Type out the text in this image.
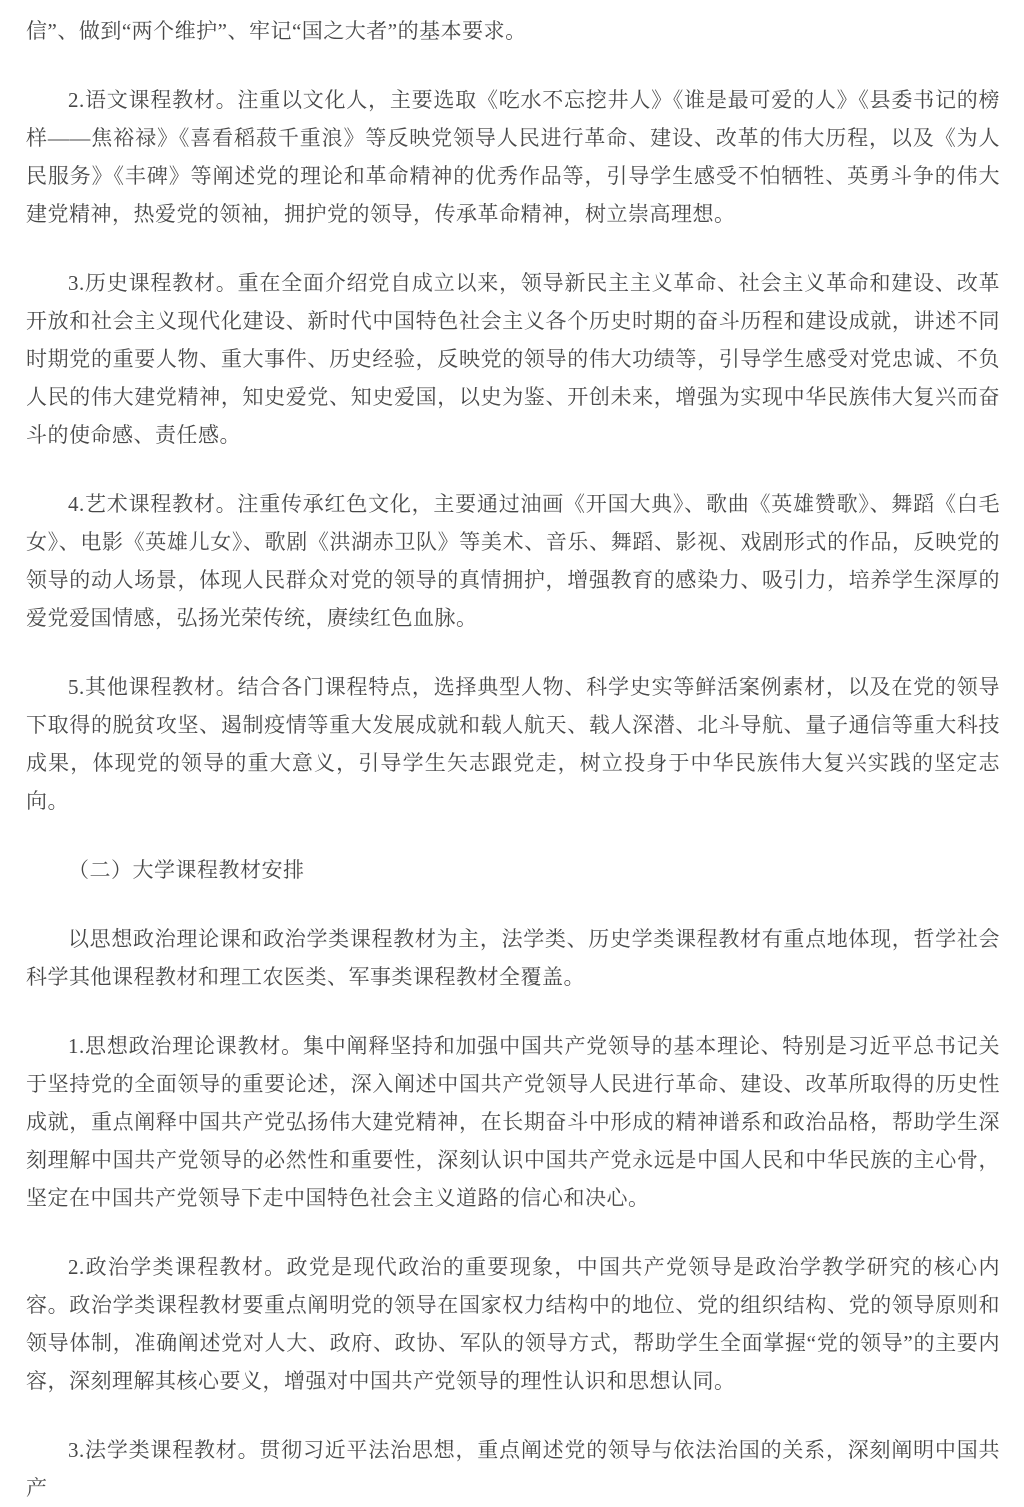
信”、做到“两个维护”、牢记“国之大者”的基本要求。

2.语文课程教材。注重以文化人，主要选取《吃水不忘挖井人》《谁是最可爱的人》《县委书记的榜样——焦裕禄》《喜看稻菽千重浪》等反映党领导人民进行革命、建设、改革的伟大历程，以及《为人民服务》《丰碑》等阐述党的理论和革命精神的优秀作品等，引导学生感受不怕牺牲、英勇斗争的伟大建党精神，热爱党的领袖，拥护党的领导，传承革命精神，树立崇高理想。

3.历史课程教材。重在全面介绍党自成立以来，领导新民主主义革命、社会主义革命和建设、改革开放和社会主义现代化建设、新时代中国特色社会主义各个历史时期的奋斗历程和建设成就，讲述不同时期党的重要人物、重大事件、历史经验，反映党的领导的伟大功绩等，引导学生感受对党忠诚、不负人民的伟大建党精神，知史爱党、知史爱国，以史为鉴、开创未来，增强为实现中华民族伟大复兴而奋斗的使命感、责任感。

4.艺术课程教材。注重传承红色文化，主要通过油画《开国大典》、歌曲《英雄赞歌》、舞蹈《白毛女》、电影《英雄儿女》、歌剧《洪湖赤卫队》等美术、音乐、舞蹈、影视、戏剧形式的作品，反映党的领导的动人场景，体现人民群众对党的领导的真情拥护，增强教育的感染力、吸引力，培养学生深厚的爱党爱国情感，弘扬光荣传统，赓续红色血脉。

5.其他课程教材。结合各门课程特点，选择典型人物、科学史实等鲜活案例素材，以及在党的领导下取得的脱贫攻坚、遏制疫情等重大发展成就和载人航天、载人深潜、北斗导航、量子通信等重大科技成果，体现党的领导的重大意义，引导学生矢志跟党走，树立投身于中华民族伟大复兴实践的坚定志向。

（二）大学课程教材安排

以思想政治理论课和政治学类课程教材为主，法学类、历史学类课程教材有重点地体现，哲学社会科学其他课程教材和理工农医类、军事类课程教材全覆盖。

1.思想政治理论课教材。集中阐释坚持和加强中国共产党领导的基本理论、特别是习近平总书记关于坚持党的全面领导的重要论述，深入阐述中国共产党领导人民进行革命、建设、改革所取得的历史性成就，重点阐释中国共产党弘扬伟大建党精神，在长期奋斗中形成的精神谱系和政治品格，帮助学生深刻理解中国共产党领导的必然性和重要性，深刻认识中国共产党永远是中国人民和中华民族的主心骨，坚定在中国共产党领导下走中国特色社会主义道路的信心和决心。

2.政治学类课程教材。政党是现代政治的重要现象，中国共产党领导是政治学教学研究的核心内容。政治学类课程教材要重点阐明党的领导在国家权力结构中的地位、党的组织结构、党的领导原则和领导体制，准确阐述党对人大、政府、政协、军队的领导方式，帮助学生全面掌握“党的领导”的主要内容，深刻理解其核心要义，增强对中国共产党领导的理性认识和思想认同。

3.法学类课程教材。贯彻习近平法治思想，重点阐述党的领导与依法治国的关系，深刻阐明中国共产
